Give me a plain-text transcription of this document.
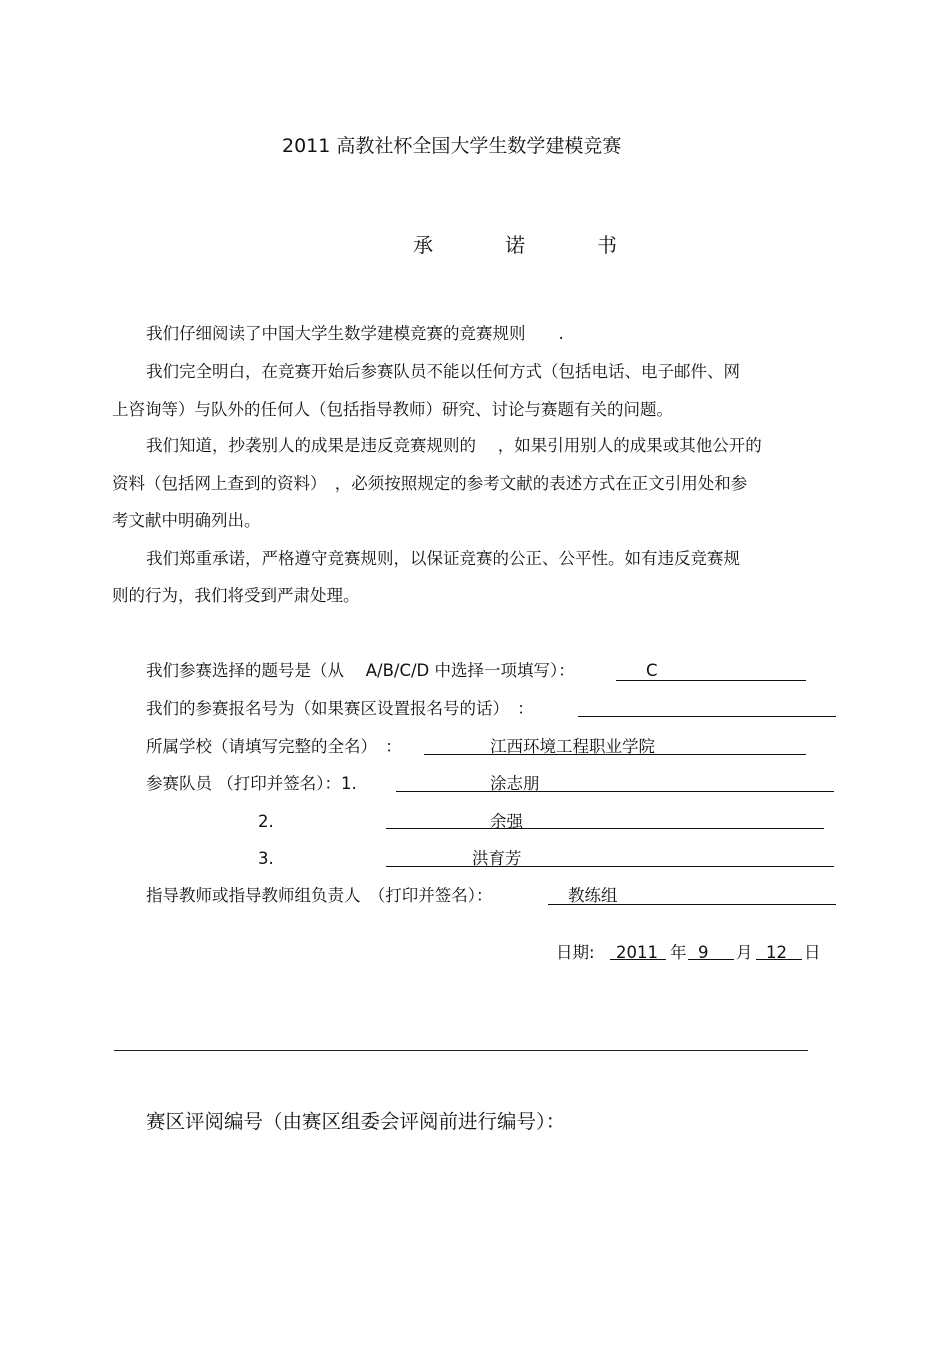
2011 高教社杯全国大学生数学建模竞赛
承　诺　书
我们仔细阅读了中国大学生数学建模竞赛的竞赛规则　　.
我们完全明白，在竞赛开始后参赛队员不能以任何方式（包括电话、电子邮件、网
上咨询等）与队外的任何人（包括指导教师）研究、讨论与赛题有关的问题。
我们知道，抄袭别人的成果是违反竞赛规则的　 ，如果引用别人的成果或其他公开的
资料（包括网上查到的资料）　，必须按照规定的参考文献的表述方式在正文引用处和参
考文献中明确列出。
我们郑重承诺，严格遵守竞赛规则，以保证竞赛的公正、公平性。如有违反竞赛规
则的行为，我们将受到严肃处理。
我们参赛选择的题号是（从　 A/B/C/D 中选择一项填写）：	C
我们的参赛报名号为（如果赛区设置报名号的话）　：
所属学校（请填写完整的全名）　：	江西环境工程职业学院
参赛队员 （打印并签名）：1.	涂志朋
2.	余强
3.	洪育芳
指导教师或指导教师组负责人　（打印并签名）：	教练组
日期: 2011 年 9 月 12 日
赛区评阅编号（由赛区组委会评阅前进行编号）：
